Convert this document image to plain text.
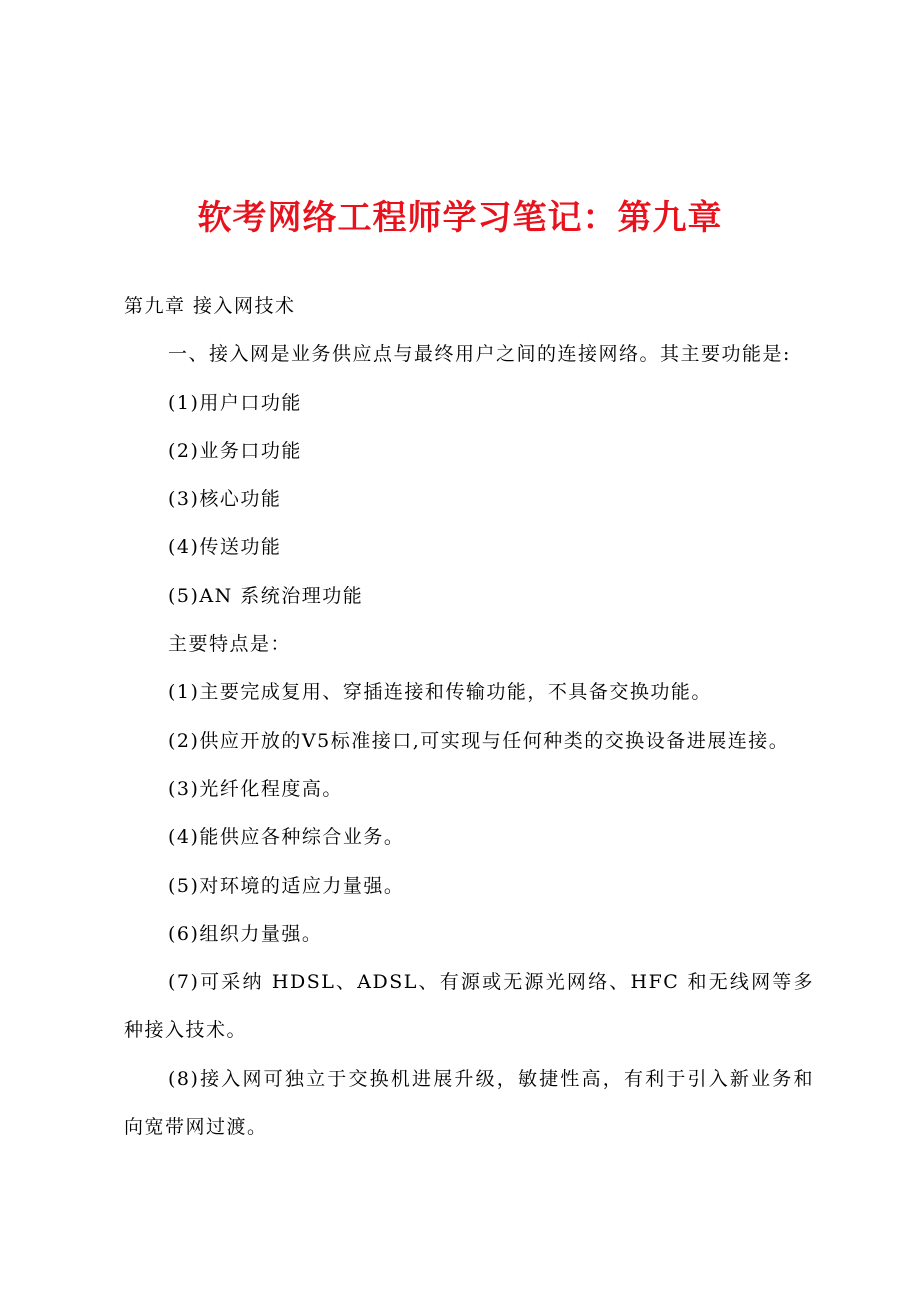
软考网络工程师学习笔记：第九章

第九章 接入网技术

一、接入网是业务供应点与最终用户之间的连接网络。其主要功能是:

(1)用户口功能

(2)业务口功能

(3)核心功能

(4)传送功能

(5)AN 系统治理功能

主要特点是：

(1)主要完成复用、穿插连接和传输功能，不具备交换功能。

(2)供应开放的V5标准接口,可实现与任何种类的交换设备进展连接。

(3)光纤化程度高。

(4)能供应各种综合业务。

(5)对环境的适应力量强。

(6)组织力量强。

(7)可采纳 HDSL、ADSL、有源或无源光网络、HFC 和无线网等多种接入技术。

(8)接入网可独立于交换机进展升级，敏捷性高，有利于引入新业务和向宽带网过渡。
